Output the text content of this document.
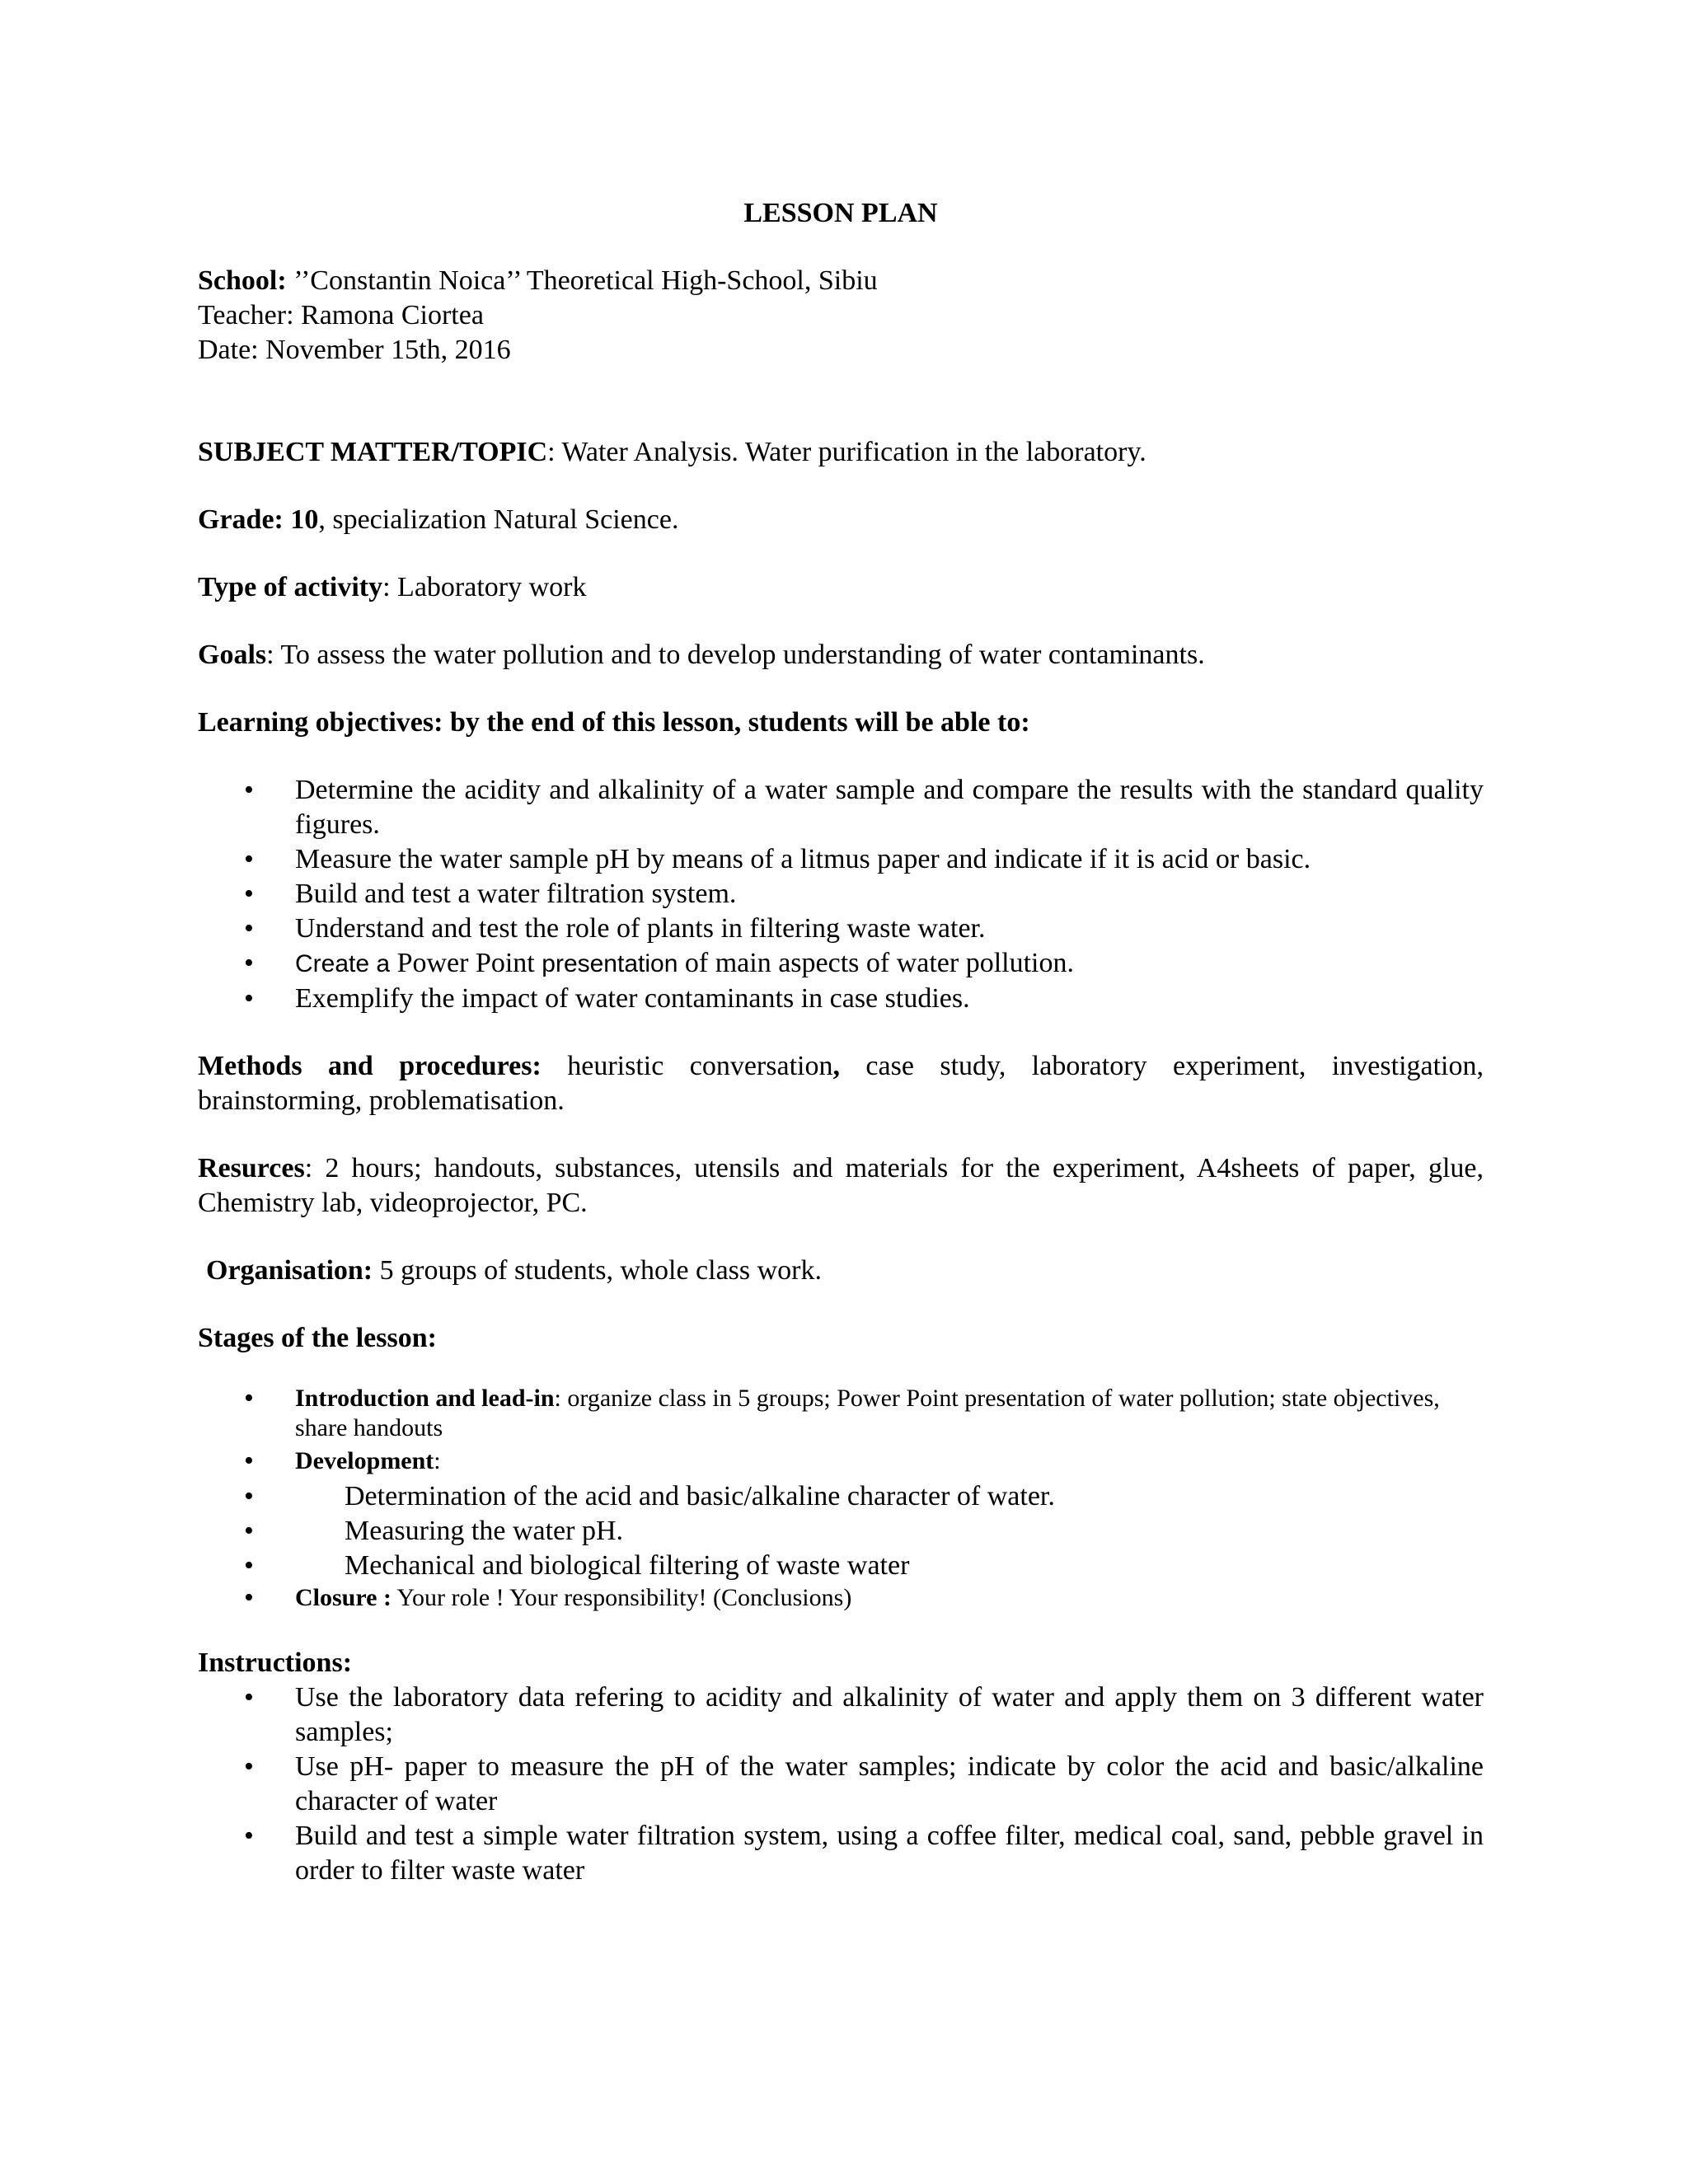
LESSON PLAN

School: ’’Constantin Noica’’ Theoretical High-School, Sibiu

Teacher: Ramona Ciortea

Date: November 15th, 2016

SUBJECT MATTER/TOPIC: Water Analysis. Water purification in the laboratory.

Grade: 10, specialization Natural Science.

Type of activity: Laboratory work

Goals: To assess the water pollution and to develop understanding of water contaminants.

Learning objectives: by the end of this lesson, students will be able to:

• Determine the acidity and alkalinity of a water sample and compare the results with the standard quality figures.
• Measure the water sample pH by means of a litmus paper and indicate if it is acid or basic.
• Build and test a water filtration system.
• Understand and test the role of plants in filtering waste water.
• Create a Power Point presentation of main aspects of water pollution.
• Exemplify the impact of water contaminants in case studies.

Methods and procedures: heuristic conversation, case study, laboratory experiment, investigation, brainstorming, problematisation.

Resurces: 2 hours; handouts, substances, utensils and materials for the experiment, A4sheets of paper, glue, Chemistry lab, videoprojector, PC.

Organisation: 5 groups of students, whole class work.

Stages of the lesson:

• Introduction and lead-in: organize class in 5 groups; Power Point presentation of water pollution; state objectives, share handouts
• Development:
•	Determination of the acid and basic/alkaline character of water.
•	Measuring the water pH.
•	Mechanical and biological filtering of waste water
• Closure : Your role ! Your responsibility! (Conclusions)

Instructions:

• Use the laboratory data refering to acidity and alkalinity of water and apply them on 3 different water samples;
• Use pH- paper to measure the pH of the water samples; indicate by color the acid and basic/alkaline character of water
• Build and test a simple water filtration system, using a coffee filter, medical coal, sand, pebble gravel in order to filter waste water
